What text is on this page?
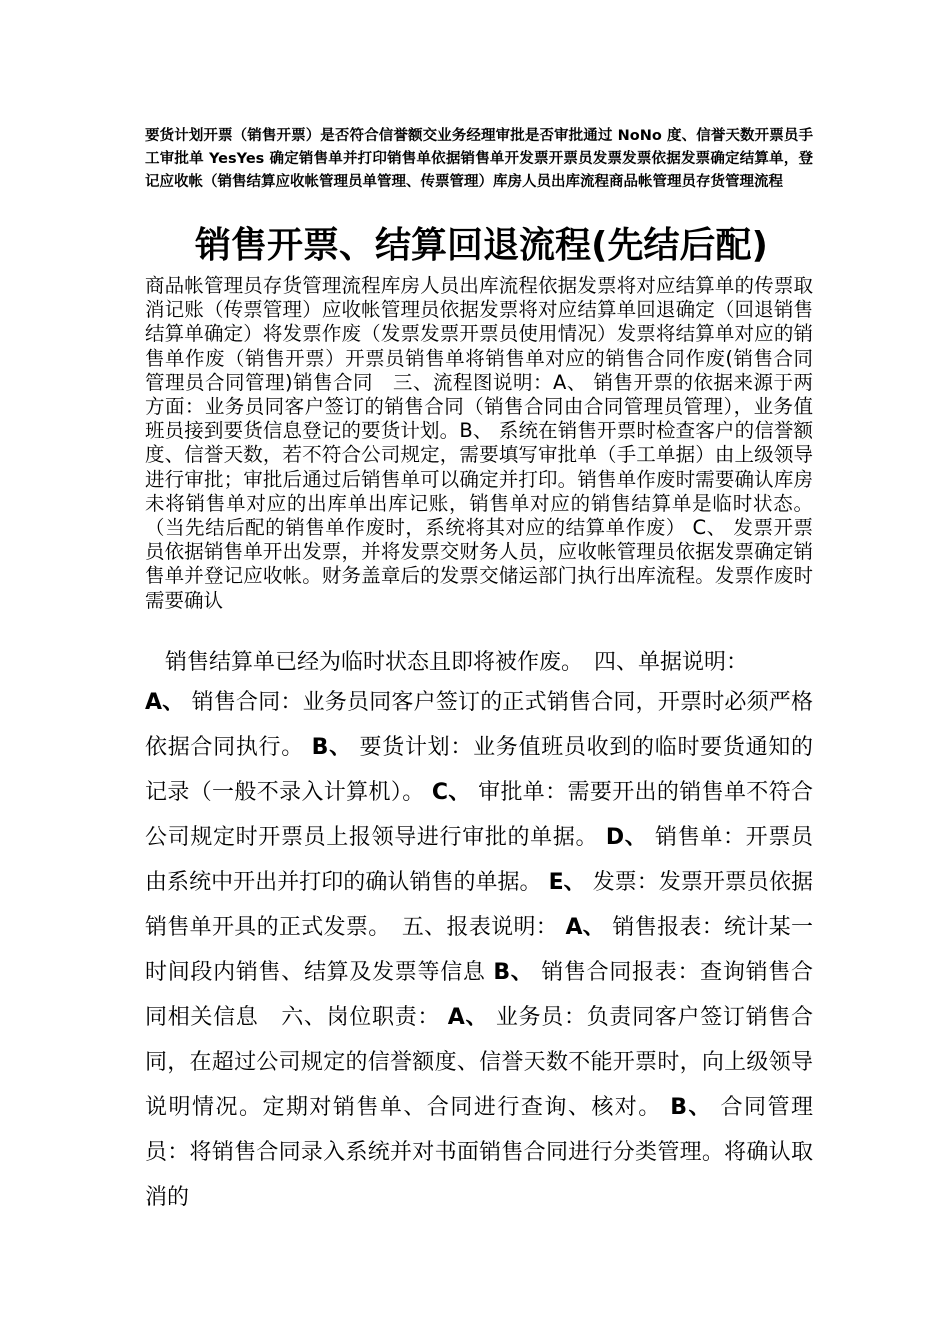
要货计划开票（销售开票）是否符合信誉额交业务经理审批是否审批通过 NoNo 度、信誉天数开票员手工审批单 YesYes 确定销售单并打印销售单依据销售单开发票开票员发票发票依据发票确定结算单，登记应收帐（销售结算应收帐管理员单管理、传票管理）库房人员出库流程商品帐管理员存货管理流程
销售开票、结算回退流程(先结后配)
商品帐管理员存货管理流程库房人员出库流程依据发票将对应结算单的传票取消记账（传票管理）应收帐管理员依据发票将对应结算单回退确定（回退销售结算单确定）将发票作废（发票发票开票员使用情况）发票将结算单对应的销售单作废（销售开票）开票员销售单将销售单对应的销售合同作废(销售合同管理员合同管理)销售合同　三、流程图说明：A、 销售开票的依据来源于两方面：业务员同客户签订的销售合同（销售合同由合同管理员管理），业务值班员接到要货信息登记的要货计划。B、 系统在销售开票时检查客户的信誉额度、信誉天数，若不符合公司规定，需要填写审批单（手工单据）由上级领导进行审批；审批后通过后销售单可以确定并打印。销售单作废时需要确认库房未将销售单对应的出库单出库记账，销售单对应的销售结算单是临时状态。（当先结后配的销售单作废时，系统将其对应的结算单作废） C、 发票开票员依据销售单开出发票，并将发票交财务人员，应收帐管理员依据发票确定销售单并登记应收帐。财务盖章后的发票交储运部门执行出库流程。发票作废时需要确认
销售结算单已经为临时状态且即将被作废。　四、单据说明：
A、 销售合同：业务员同客户签订的正式销售合同，开票时必须严格依据合同执行。 B、 要货计划：业务值班员收到的临时要货通知的记录（一般不录入计算机）。 C、 审批单：需要开出的销售单不符合公司规定时开票员上报领导进行审批的单据。 D、 销售单：开票员由系统中开出并打印的确认销售的单据。 E、 发票：发票开票员依据销售单开具的正式发票。　五、报表说明： A、 销售报表：统计某一时间段内销售、结算及发票等信息 B、 销售合同报表：查询销售合同相关信息　六、岗位职责： A、 业务员：负责同客户签订销售合同，在超过公司规定的信誉额度、信誉天数不能开票时，向上级领导说明情况。定期对销售单、合同进行查询、核对。 B、 合同管理员：将销售合同录入系统并对书面销售合同进行分类管理。将确认取消的
